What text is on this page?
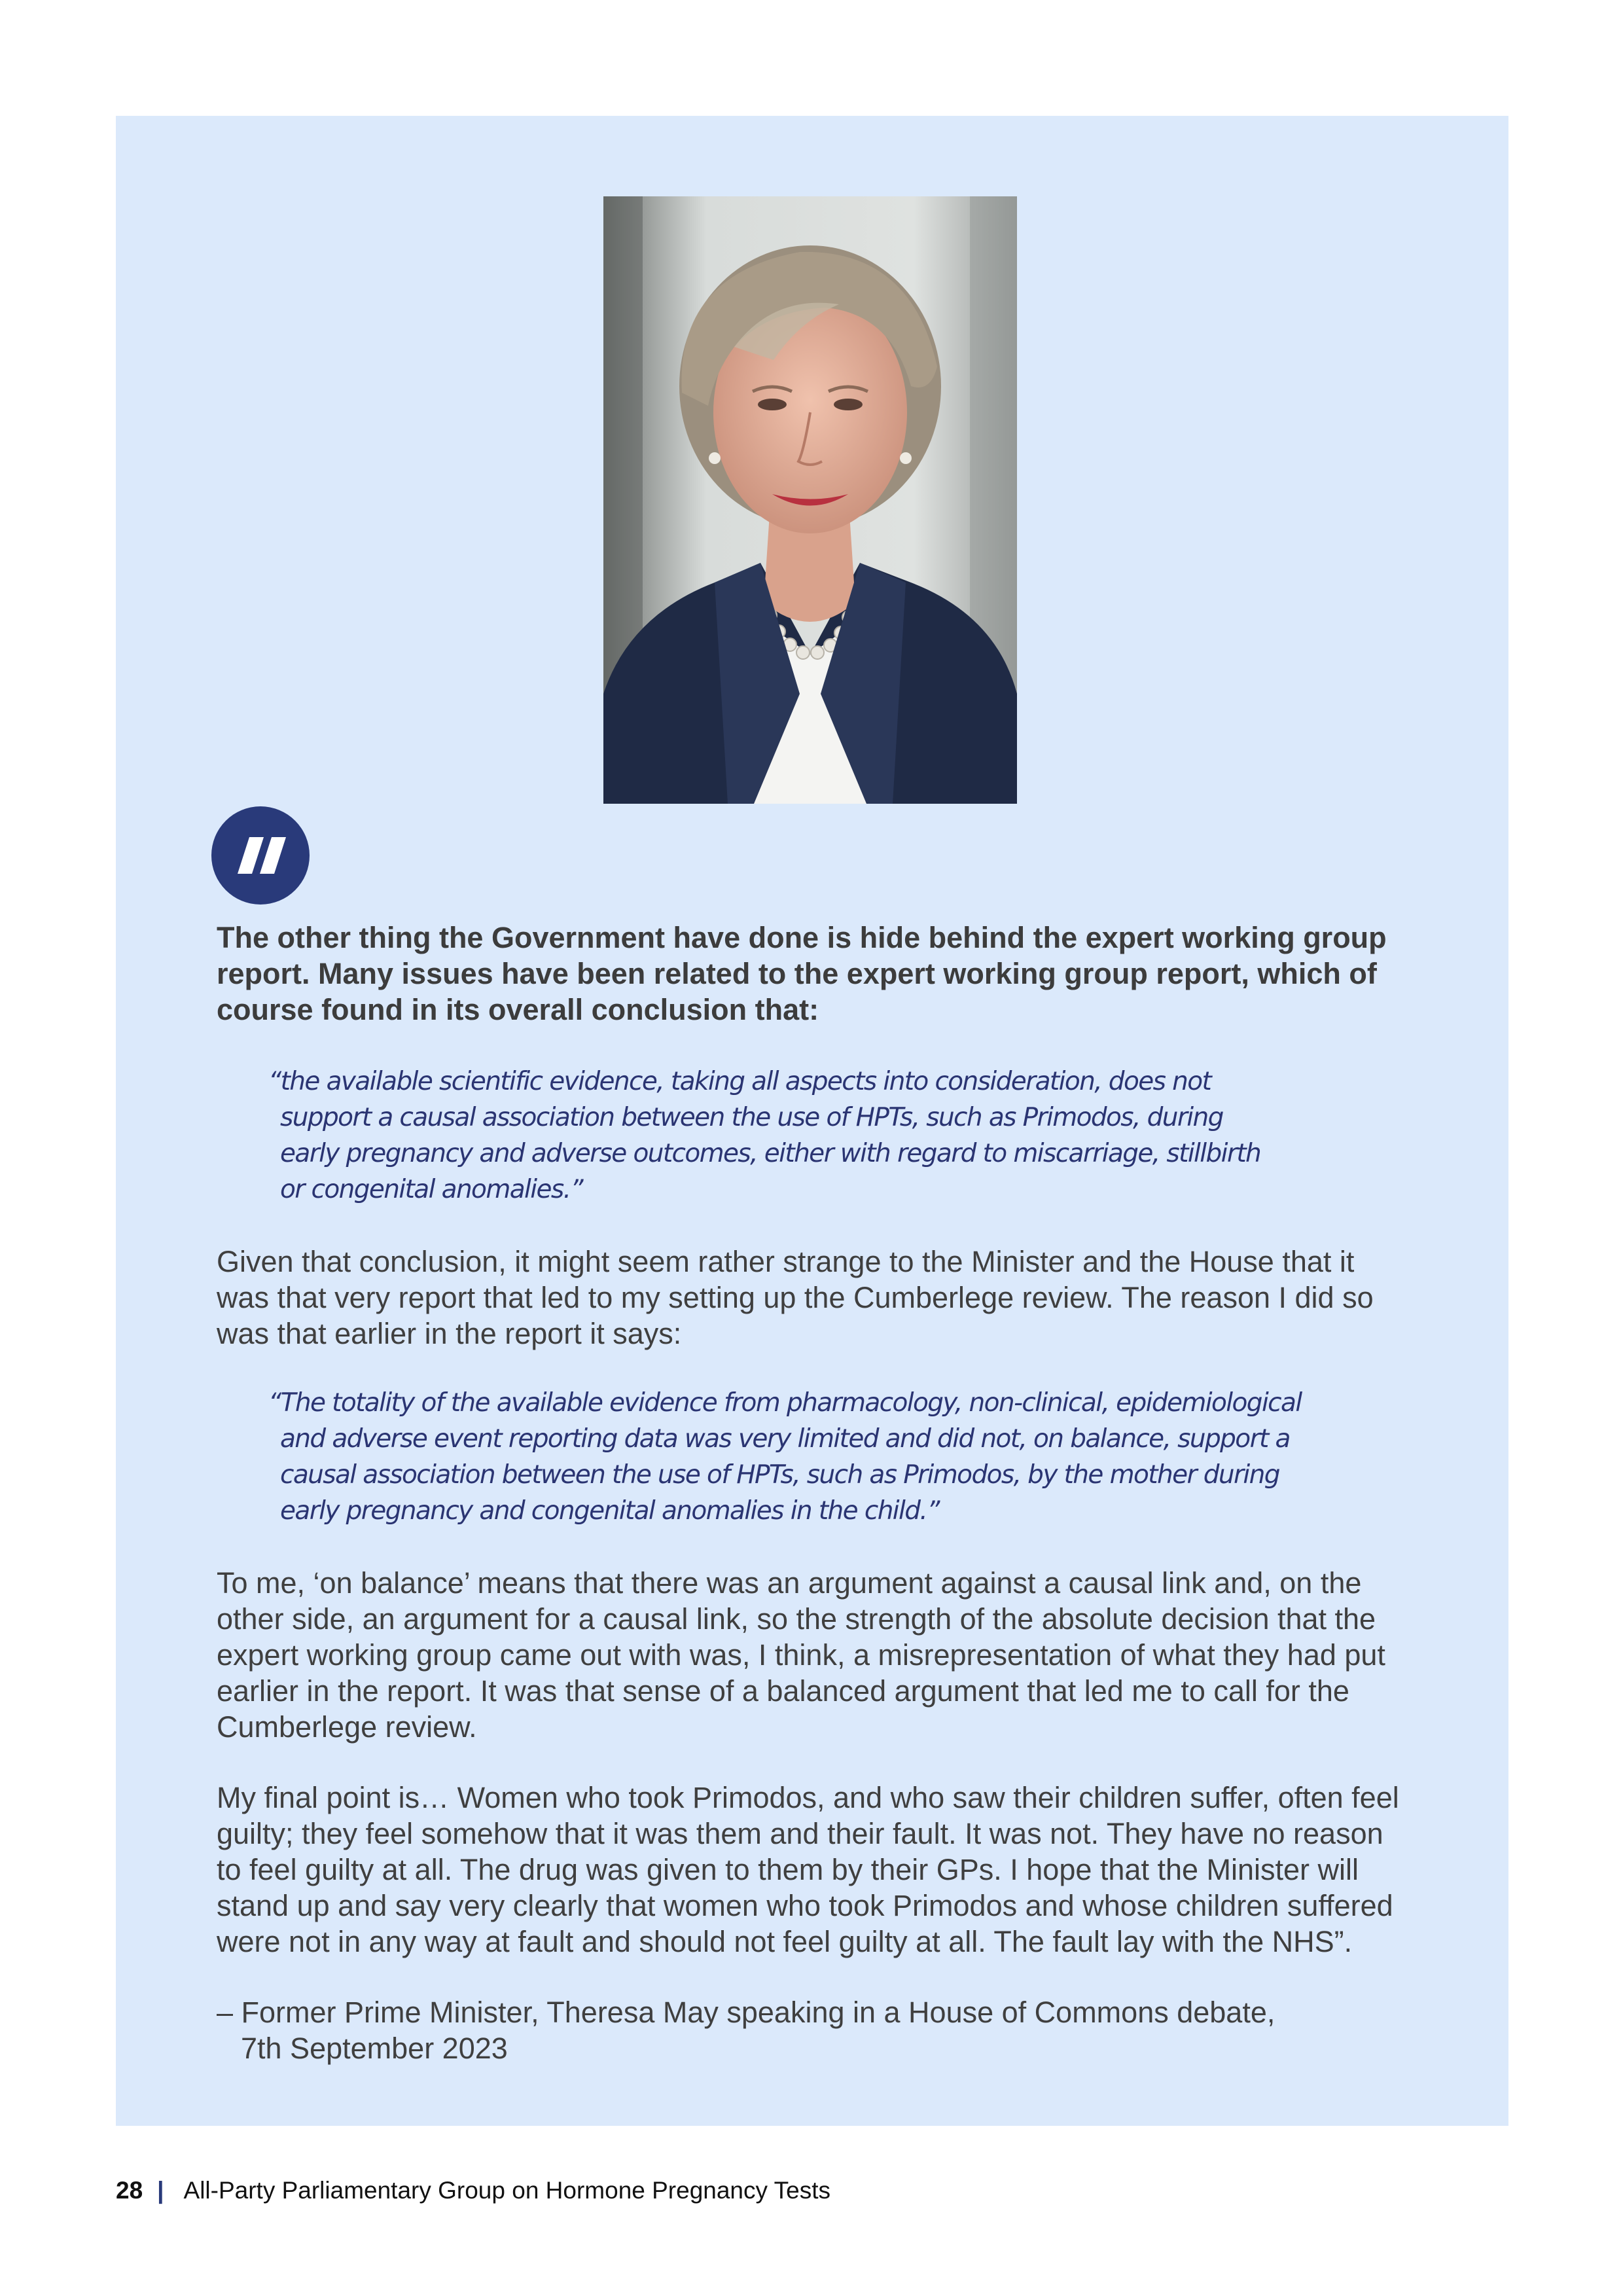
The other thing the Government have done is hide behind the expert working group report. Many issues have been related to the expert working group report, which of course found in its overall conclusion that:
“the available scientific evidence, taking all aspects into consideration, does not
support a causal association between the use of HPTs, such as Primodos, during
early pregnancy and adverse outcomes, either with regard to miscarriage, stillbirth
or congenital anomalies.”
Given that conclusion, it might seem rather strange to the Minister and the House that it was that very report that led to my setting up the Cumberlege review. The reason I did so was that earlier in the report it says:
“The totality of the available evidence from pharmacology, non-clinical, epidemiological
and adverse event reporting data was very limited and did not, on balance, support a
causal association between the use of HPTs, such as Primodos, by the mother during
early pregnancy and congenital anomalies in the child.”
To me, ‘on balance’ means that there was an argument against a causal link and, on the other side, an argument for a causal link, so the strength of the absolute decision that the expert working group came out with was, I think, a misrepresentation of what they had put earlier in the report. It was that sense of a balanced argument that led me to call for the Cumberlege review.
My final point is… Women who took Primodos, and who saw their children suffer, often feel guilty; they feel somehow that it was them and their fault. It was not. They have no reason to feel guilty at all. The drug was given to them by their GPs. I hope that the Minister will stand up and say very clearly that women who took Primodos and whose children suffered were not in any way at fault and should not feel guilty at all. The fault lay with the NHS”.
– Former Prime Minister, Theresa May speaking in a House of Commons debate,
7th September 2023
28 | All-Party Parliamentary Group on Hormone Pregnancy Tests
